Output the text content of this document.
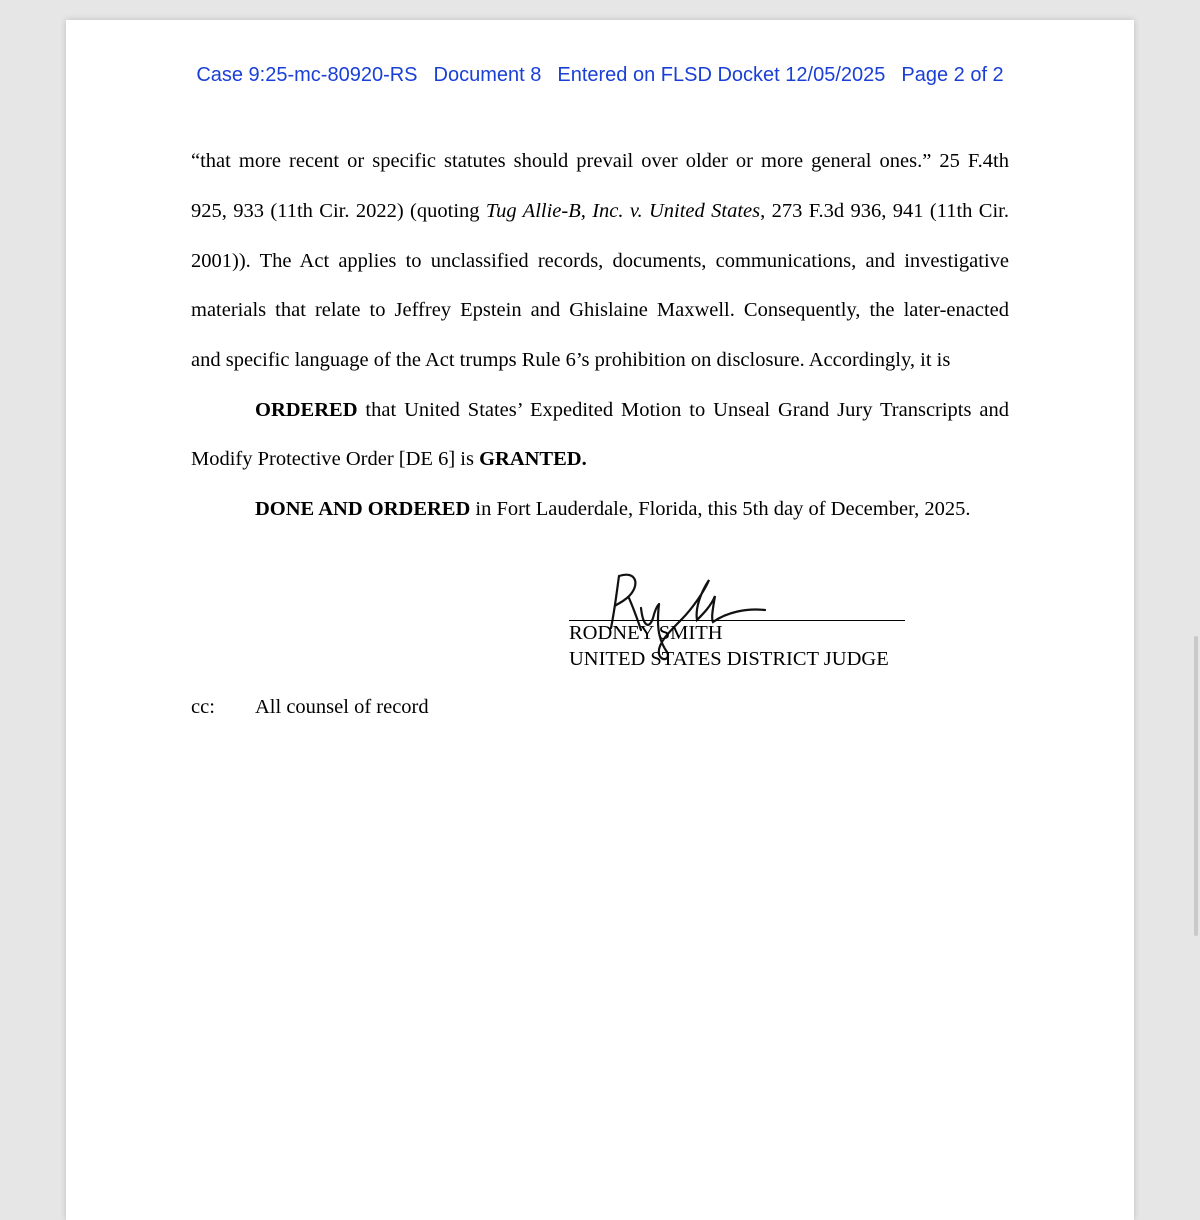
Case 9:25-mc-80920-RS Document 8 Entered on FLSD Docket 12/05/2025 Page 2 of 2
“that more recent or specific statutes should prevail over older or more general ones.” 25 F.4th
925, 933 (11th Cir. 2022) (quoting Tug Allie-B, Inc. v. United States, 273 F.3d 936, 941 (11th Cir.
2001)). The Act applies to unclassified records, documents, communications, and investigative
materials that relate to Jeffrey Epstein and Ghislaine Maxwell. Consequently, the later-enacted
and specific language of the Act trumps Rule 6’s prohibition on disclosure. Accordingly, it is
ORDERED that United States’ Expedited Motion to Unseal Grand Jury Transcripts and
Modify Protective Order [DE 6] is GRANTED.
DONE AND ORDERED in Fort Lauderdale, Florida, this 5th day of December, 2025.
RODNEY SMITH
UNITED STATES DISTRICT JUDGE
cc: All counsel of record
